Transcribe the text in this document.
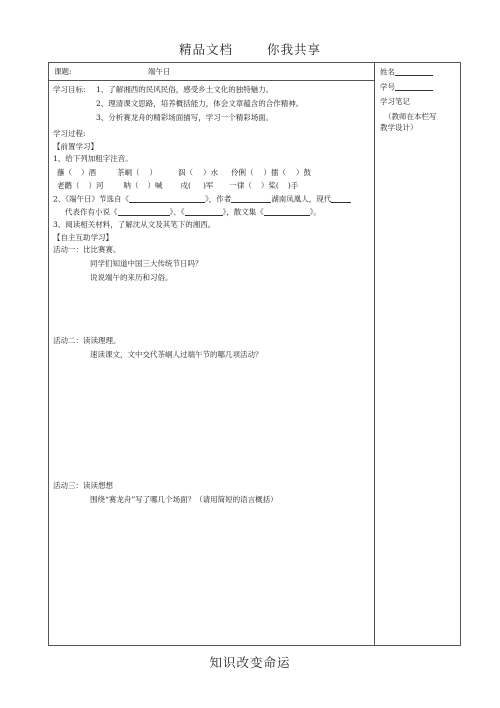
精品文档	你我共享
课题:	端午日	姓名
学号
学习笔记
（教师在本栏写
教学设计）
学习目标: 1、了解湘西的民风民俗，感受乡土文化的独特魅力。
2、理清课文思路，培养概括能力，体会文章蕴含的合作精神。
3、分析赛龙舟的精彩场面描写，学习一个精彩场面。
学习过程:
【前置学习】
1、给下列加粗字注音。
蘸（ ）酒	茶峒（ ）	泅（ ）水 伶俐（ ）擂（ ）鼓
老鹳（ ）河	呐（ ）喊 戍( )军 一律（ ）桨( )手
2、《端午日》节选自《	》，作者	湖南凤凰人，现代
代表作有小说《	》、《	》，散文集《	》。
3、阅读相关材料，了解沈从文及其笔下的湘西。
【自主互助学习】
活动一：比比赛赛。
同学们知道中国三大传统节日吗？
说说端午的来历和习俗。
活动二：读读理理。
速读课文，文中交代茶峒人过端午节的哪几项活动？
活动三：读读想想
围绕“赛龙舟”写了哪几个场面？（请用简短的语言概括）
知识改变命运
